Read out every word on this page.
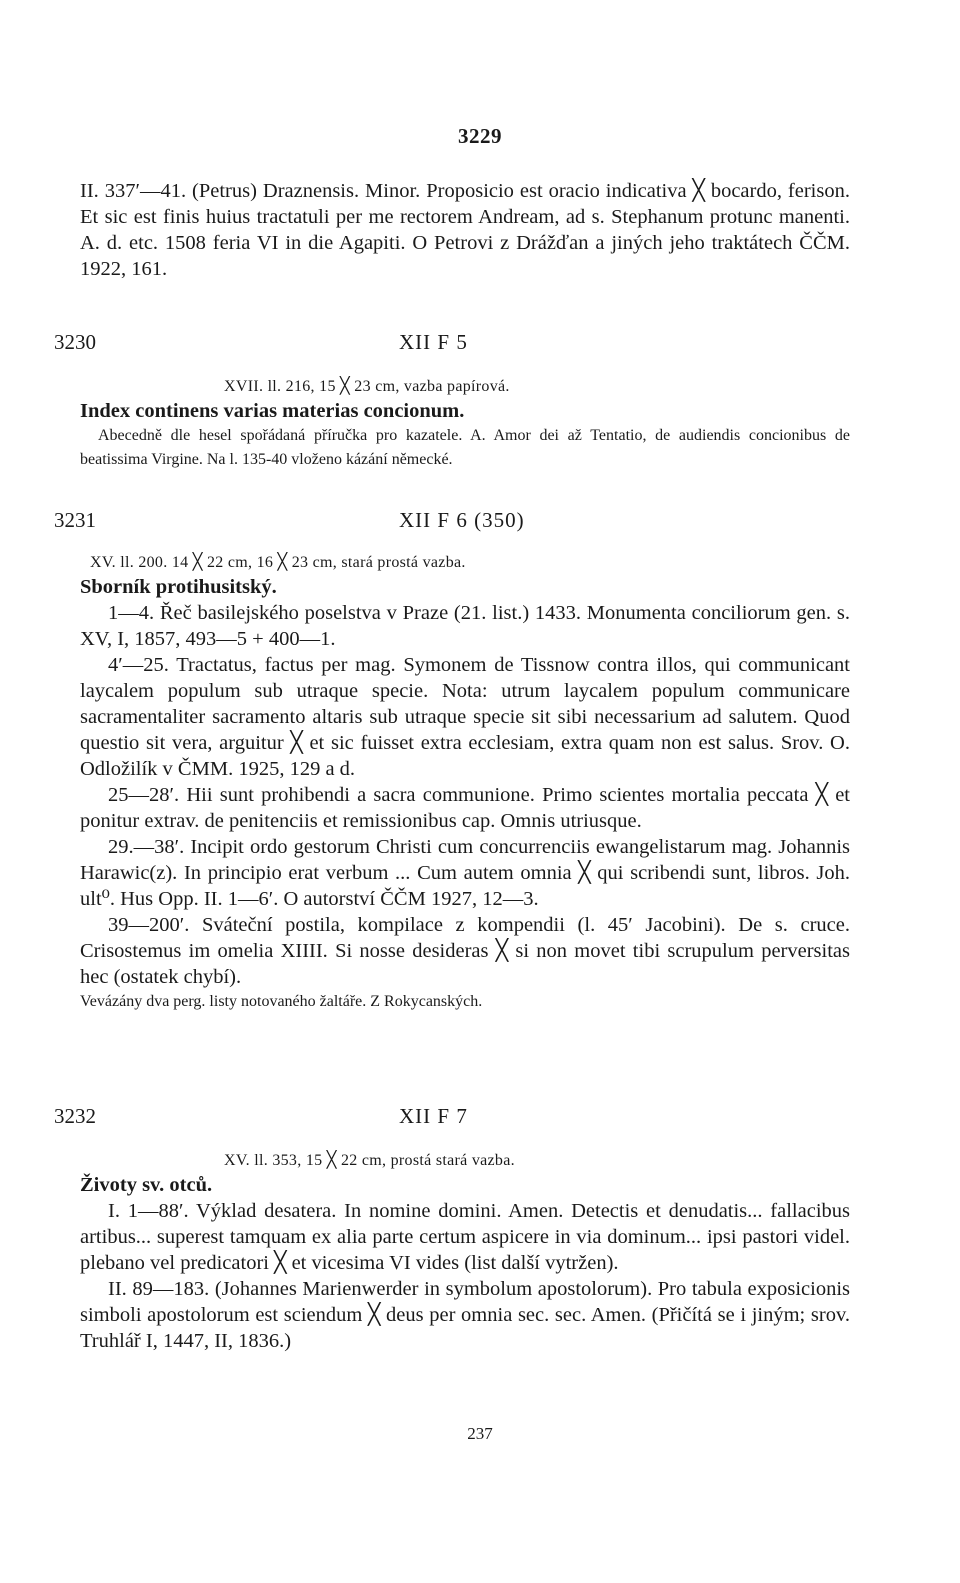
3229

II. 337′—41. (Petrus) Draznensis. Minor. Proposicio est oracio indicativa ╳ bocardo, ferison. Et sic est finis huius tractatuli per me rectorem Andream, ad s. Stephanum protunc manenti. A. d. etc. 1508 feria VI in die Agapiti. O Petrovi z Drážďan a jiných jeho traktátech ČČM. 1922, 161.

3230	XII F 5
XVII. ll. 216, 15 ╳ 23 cm, vazba papírová.
Index continens varias materias concionum.
Abecedně dle hesel spořádaná příručka pro kazatele. A. Amor dei až Tentatio, de audiendis concionibus de beatissima Virgine. Na l. 135-40 vloženo kázání německé.
3231	XII F 6 (350)
XV. ll. 200. 14 ╳ 22 cm, 16 ╳ 23 cm, stará prostá vazba.
Sborník protihusitský.

1—4. Řeč basilejského poselstva v Praze (21. list.) 1433. Monumenta conciliorum gen. s. XV, I, 1857, 493—5 + 400—1.

4′—25. Tractatus, factus per mag. Symonem de Tissnow contra illos, qui communicant laycalem populum sub utraque specie. Nota: utrum laycalem populum communicare sacramentaliter sacramento altaris sub utraque specie sit sibi necessarium ad salutem. Quod questio sit vera, arguitur ╳ et sic fuisset extra ecclesiam, extra quam non est salus. Srov. O. Odložilík v ČMM. 1925, 129 a d.

25—28′. Hii sunt prohibendi a sacra communione. Primo scientes mortalia peccata ╳ et ponitur extrav. de penitenciis et remissionibus cap. Omnis utriusque.

29.—38′. Incipit ordo gestorum Christi cum concurrenciis ewangelistarum mag. Johannis Harawic(z). In principio erat verbum ... Cum autem omnia ╳ qui scribendi sunt, libros. Joh. ult⁰. Hus Opp. II. 1—6′. O autorství ČČM 1927, 12—3.

39—200′. Sváteční postila, kompilace z kompendii (l. 45′ Jacobini). De s. cruce. Crisostemus im omelia XIIII. Si nosse desideras ╳ si non movet tibi scrupulum perversitas hec (ostatek chybí).

Vevázány dva perg. listy notovaného žaltáře. Z Rokycanských.
3232	XII F 7
XV. ll. 353, 15 ╳ 22 cm, prostá stará vazba.
Životy sv. otců.

I. 1—88′. Výklad desatera. In nomine domini. Amen. Detectis et denudatis... fallacibus artibus... superest tamquam ex alia parte certum aspicere in via dominum... ipsi pastori videl. plebano vel predicatori ╳ et vicesima VI vides (list další vytržen).

II. 89—183. (Johannes Marienwerder in symbolum apostolorum). Pro tabula exposicionis simboli apostolorum est sciendum ╳ deus per omnia sec. sec. Amen. (Přičítá se i jiným; srov. Truhlář I, 1447, II, 1836.)

237
